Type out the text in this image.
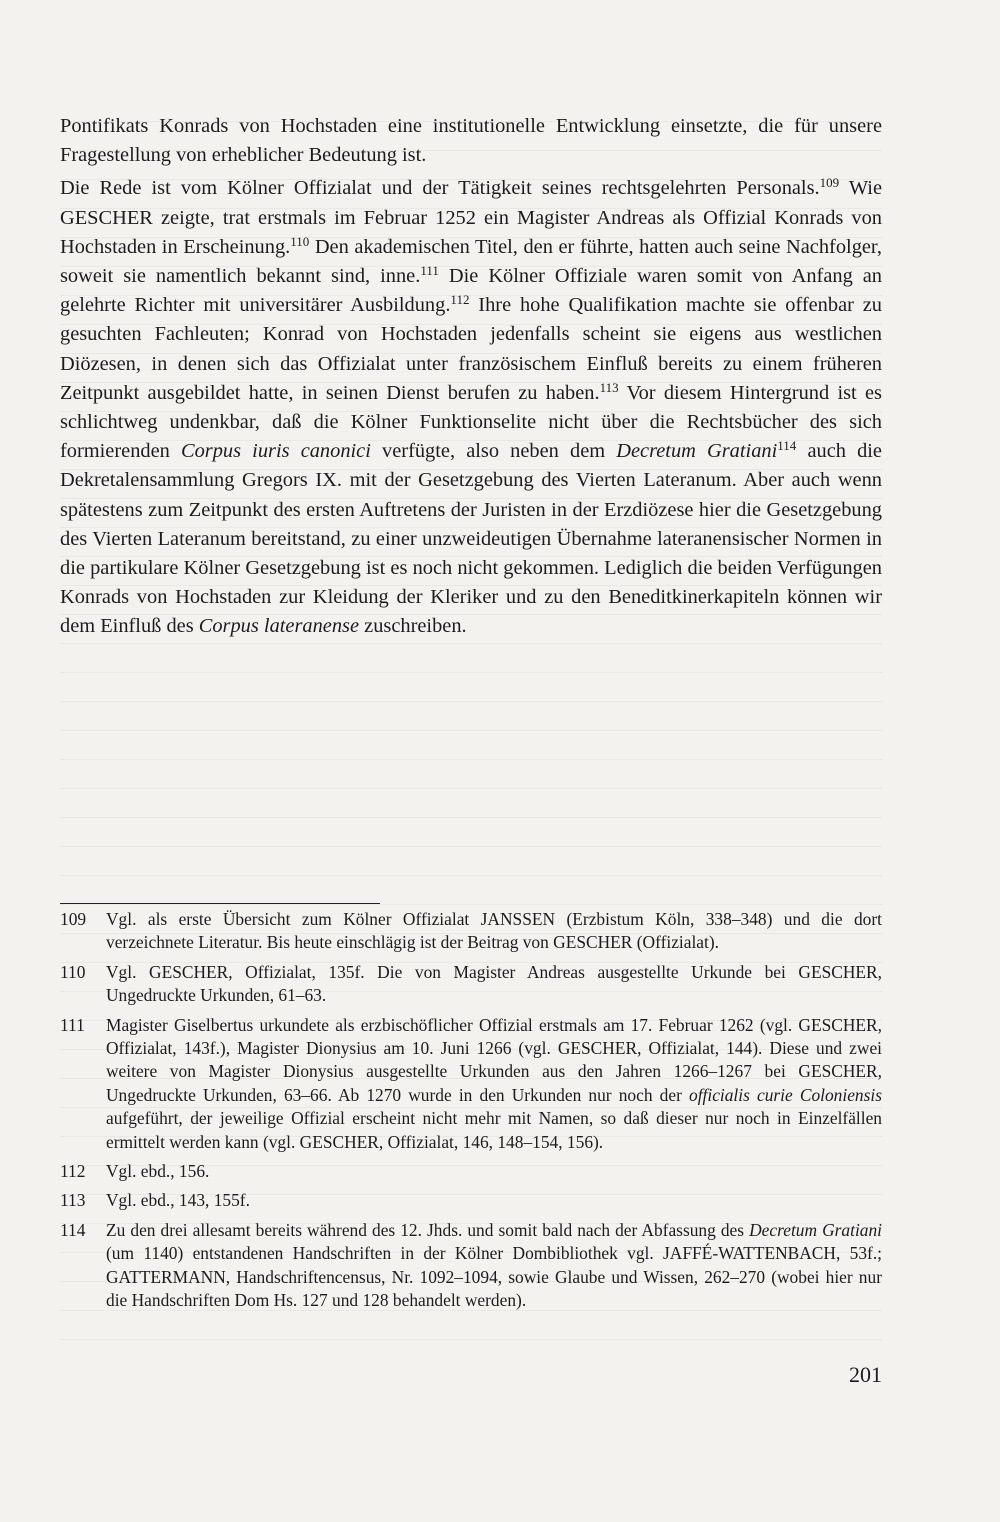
Pontifikats Konrads von Hochstaden eine institutionelle Entwicklung einsetzte, die für unsere Fragestellung von erheblicher Bedeutung ist.

Die Rede ist vom Kölner Offizialat und der Tätigkeit seines rechtsgelehrten Personals.$^{109}$ Wie GESCHER zeigte, trat erstmals im Februar 1252 ein Magister Andreas als Offizial Konrads von Hochstaden in Erscheinung.$^{110}$ Den akademischen Titel, den er führte, hatten auch seine Nachfolger, soweit sie namentlich bekannt sind, inne.$^{111}$ Die Kölner Offiziale waren somit von Anfang an gelehrte Richter mit universitärer Ausbildung.$^{112}$ Ihre hohe Qualifikation machte sie offenbar zu gesuchten Fachleuten; Konrad von Hochstaden jedenfalls scheint sie eigens aus westlichen Diözesen, in denen sich das Offizialat unter französischem Einfluß bereits zu einem früheren Zeitpunkt ausgebildet hatte, in seinen Dienst berufen zu haben.$^{113}$ Vor diesem Hintergrund ist es schlichtweg undenkbar, daß die Kölner Funktionselite nicht über die Rechtsbücher des sich formierenden Corpus iuris canonici verfügte, also neben dem Decretum Gratiani$^{114}$ auch die Dekretalensammlung Gregors IX. mit der Gesetzgebung des Vierten Lateranum. Aber auch wenn spätestens zum Zeitpunkt des ersten Auftretens der Juristen in der Erzdiözese hier die Gesetzgebung des Vierten Lateranum bereitstand, zu einer unzweideutigen Übernahme lateranensischer Normen in die partikulare Kölner Gesetzgebung ist es noch nicht gekommen. Lediglich die beiden Verfügungen Konrads von Hochstaden zur Kleidung der Kleriker und zu den Beneditkinerkapiteln können wir dem Einfluß des Corpus lateranense zuschreiben.

109	Vgl. als erste Übersicht zum Kölner Offizialat JANSSEN (Erzbistum Köln, 338–348) und die dort verzeichnete Literatur. Bis heute einschlägig ist der Beitrag von GESCHER (Offizialat).
110	Vgl. GESCHER, Offizialat, 135f. Die von Magister Andreas ausgestellte Urkunde bei GESCHER, Ungedruckte Urkunden, 61–63.
111	Magister Giselbertus urkundete als erzbischöflicher Offizial erstmals am 17. Februar 1262 (vgl. GESCHER, Offizialat, 143f.), Magister Dionysius am 10. Juni 1266 (vgl. GESCHER, Offizialat, 144). Diese und zwei weitere von Magister Dionysius ausgestellte Urkunden aus den Jahren 1266–1267 bei GESCHER, Ungedruckte Urkunden, 63–66. Ab 1270 wurde in den Urkunden nur noch der officialis curie Coloniensis aufgeführt, der jeweilige Offizial erscheint nicht mehr mit Namen, so daß dieser nur noch in Einzelfällen ermittelt werden kann (vgl. GESCHER, Offizialat, 146, 148–154, 156).
112	Vgl. ebd., 156.
113	Vgl. ebd., 143, 155f.
114	Zu den drei allesamt bereits während des 12. Jhds. und somit bald nach der Abfassung des Decretum Gratiani (um 1140) entstandenen Handschriften in der Kölner Dombibliothek vgl. JAFFÉ-WATTENBACH, 53f.; GATTERMANN, Handschriftencensus, Nr. 1092–1094, sowie Glaube und Wissen, 262–270 (wobei hier nur die Handschriften Dom Hs. 127 und 128 behandelt werden).
201
